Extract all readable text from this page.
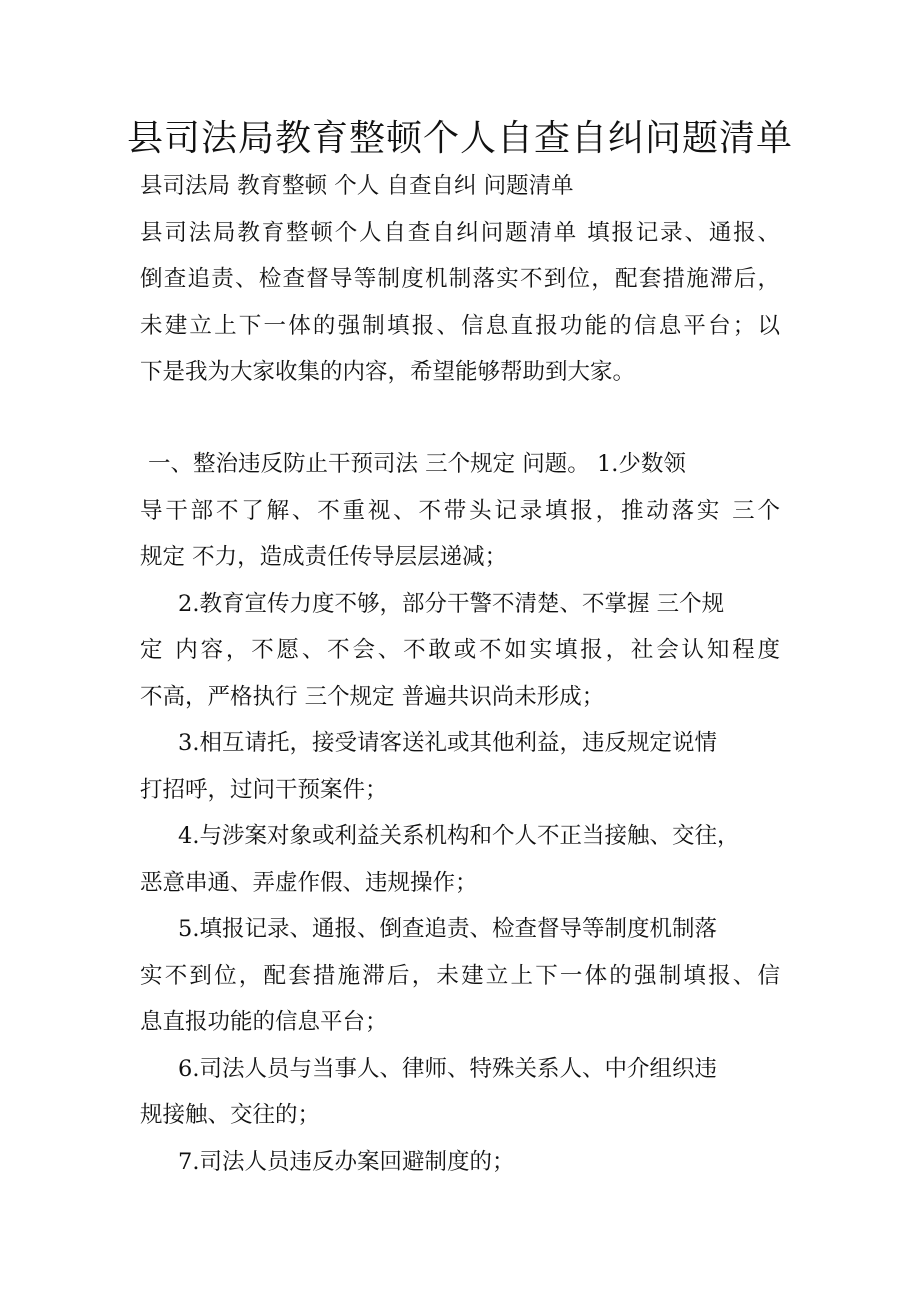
县司法局教育整顿个人自查自纠问题清单
县司法局 教育整顿 个人 自查自纠 问题清单
县司法局教育整顿个人自查自纠问题清单 填报记录、通报、
倒查追责、检查督导等制度机制落实不到位，配套措施滞后，
未建立上下一体的强制填报、信息直报功能的信息平台；以
下是我为大家收集的内容，希望能够帮助到大家。
一、整治违反防止干预司法 三个规定 问题。 1.少数领
导干部不了解、不重视、不带头记录填报，推动落实 三个
规定 不力，造成责任传导层层递减；
2.教育宣传力度不够，部分干警不清楚、不掌握 三个规
定 内容，不愿、不会、不敢或不如实填报，社会认知程度
不高，严格执行 三个规定 普遍共识尚未形成；
3.相互请托，接受请客送礼或其他利益，违反规定说情
打招呼，过问干预案件；
4.与涉案对象或利益关系机构和个人不正当接触、交往，
恶意串通、弄虚作假、违规操作；
5.填报记录、通报、倒查追责、检查督导等制度机制落
实不到位，配套措施滞后，未建立上下一体的强制填报、信
息直报功能的信息平台；
6.司法人员与当事人、律师、特殊关系人、中介组织违
规接触、交往的；
7.司法人员违反办案回避制度的；
